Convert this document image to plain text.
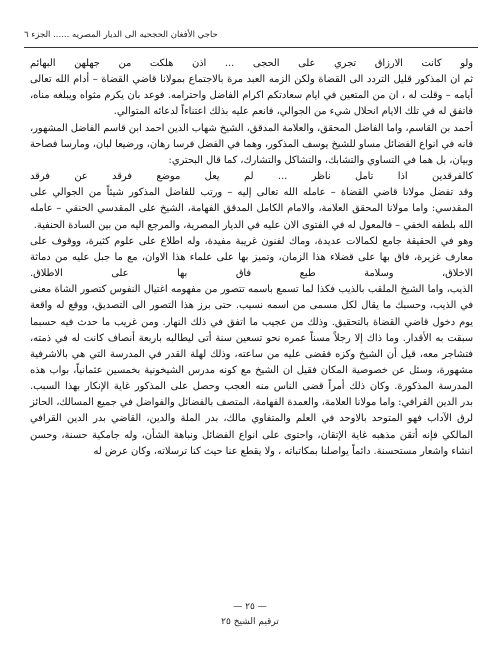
حاجي الأفغان الحجحيه الى الديار المصريه ...... الجزء ٦

ولو كانت الارزاق تجري على الحجى ... اذن هلكت من جهلهن البهائم

ثم ان المذكور قليل التردد الى القضاة ولكن الزمه العبد مرة بالاجتماع بمولانا قاضي القضاة – أدام الله تعالى أيامه – وقلت له ، ان من المتعين في ايام سعادتكم اكرام الفاضل واحترامه. فوعد بان يكرم مثواه ويبلغه مناه، فاتفق له في تلك الايام انحلال شيء من الجوالي، فانعم عليه بذلك اعتناءاً لدعائه المتوالي.

أحمد بن القاسم، واما الفاضل المحقق، والعلامة المدقق، الشيخ شهاب الدين احمد ابن قاسم الفاضل المشهور، فانه في انواع الفضائل مساو للشيخ يوسف المذكور، وهما في الفضل فرسا رهان، ورضيعا لبان، ومارسا فصاحة وبيان، بل هما في التساوي والتشابك، والتشاكل والتشارك، كما قال البحتري:

كالفرقدين اذا تامل ناظر ... لم يعل موضع فرقد عن فرقد

وقد تفضل مولانا قاضي القضاة – عامله الله تعالى إليه – ورتب للفاضل المذكور شيئاً من الجوالي على المقدسي: واما مولانا المحقق العلامة، والامام الكامل المدقق الفهامة، الشيخ على المقدسي الحنفي – عامله الله بلطفه الخفي – فالمعول له في الفتوى الان عليه في الديار المصرية، والمرجع اليه من بين السادة الحنفية.

وهو في الحقيقة جامع لكمالات عديدة، وماك لفنون غريبة مفيدة، وله اطلاع على علوم كثيرة، ووقوف على معارف غزيرة، فاق بها على قضلاء هذا الزمان، وتميز بها على علماء هذا الاوان، مع ما جبل عليه من دماثة الاخلاق، وسلامة طبع فاق بها على الاطلاق.

الذيب، واما الشيخ الملقب بالذيب فكذا لما تسمع باسمه تتصور من مفهومه اغتيال النفوس كتصور الشاة معنى في الذيب، وحسبك ما يقال لكل مسمى من اسمه نسيب. حتى برز هذا التصور الى التصديق، ووقع له واقعة يوم دخول قاضي القضاة بالتحقيق. وذلك من عجيب ما اتفق في ذلك النهار. ومن غريب ما حدث فيه حسبما سبقت به الأقدار. وما ذاك إلا رجلاً مسناً عمره نحو تسعين سنة أتى ليطالبه باربعة أنصاف كانت له في ذمته، فتشاجر معه، قيل أن الشيخ وكزه فقضى عليه من ساعته، وذلك لهلة القدر في المدرسة التي هي بالاشرفية مشهورة، وسئل عن خصوصية المكان فقيل ان الشيخ مع كونه مدرس الشيخونية بخمسين عثمانياً، بواب هذه المدرسة المذكورة. وكان ذلك أمراً قضى الناس منه العجب وحصل على المذكور غاية الإنكار بهذا السبب.

بدر الدين القرافي: واما مولانا العلامة، والعمدة الفهامة، المتصف بالفضائل والفواضل في جميع المسالك، الحائز لرق الآداب فهو المتوحد بالاوحد في العلم والمتفاوي مالك، بدر الملة والدين، القاضي بدر الدين القرافي المالكي فإنه أتقن مذهبه غاية الإتقان، واحتوى على انواع الفضائل ونباهة الشأن، وله جامكية حسنة، وحسن انشاء واشعار مستحسنة. دائماً يواصلنا بمكاتباته ، ولا يقطع عنا حيث كنا ترسلاته، وكان عرض له

— ٢٥ —
ترقيم الشيخ ٢٥
